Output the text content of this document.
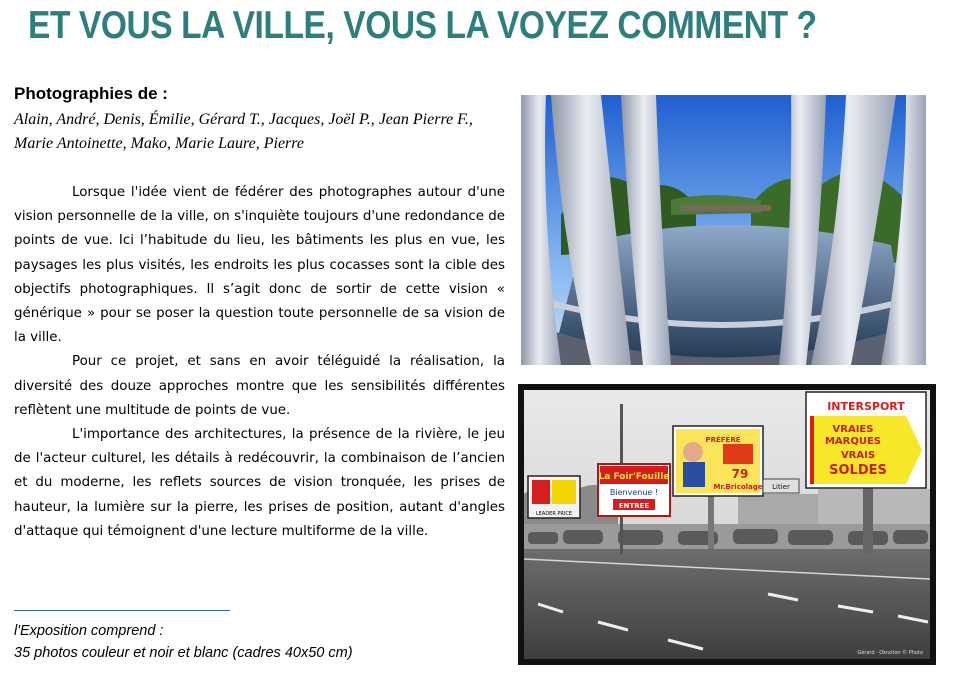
ET VOUS LA VILLE, VOUS LA VOYEZ COMMENT ?
Photographies de :

Alain, André, Denis, Émilie, Gérard T., Jacques, Joël P., Jean Pierre F., Marie Antoinette, Mako, Marie Laure, Pierre

Lorsque l'idée vient de fédérer des photographes autour d'une vision personnelle de la ville, on s'inquiète toujours d'une redondance de points de vue. Ici l’habitude du lieu, les bâtiments les plus en vue, les paysages les plus visités, les endroits les plus cocasses sont la cible des objectifs photographiques. Il s’agit donc de sortir de cette vision « générique » pour se poser la question toute personnelle de sa vision de la ville.

Pour ce projet, et sans en avoir téléguidé la réalisation, la diversité des douze approches montre que les sensibilités différentes reflètent une multitude de points de vue.

L'importance des architectures, la présence de la rivière, le jeu de l'acteur culturel, les détails à redécouvrir, la combinaison de l’ancien et du moderne, les reflets sources de vision tronquée, les prises de hauteur, la lumière sur la pierre, les prises de position, autant d'angles d'attaque qui témoignent d'une lecture multiforme de la ville.

l'Exposition comprend :
35 photos couleur et noir et blanc (cadres 40x50 cm)

LEADER PRICE
La Foir'Fouille
Bienvenue !
ENTREE
PRÉFÉRÉ
79
Mr.Bricolage Litier
INTERSPORT
VRAIES
MARQUES
VRAIS
SOLDES
Gérard · Oknoton © Photo
